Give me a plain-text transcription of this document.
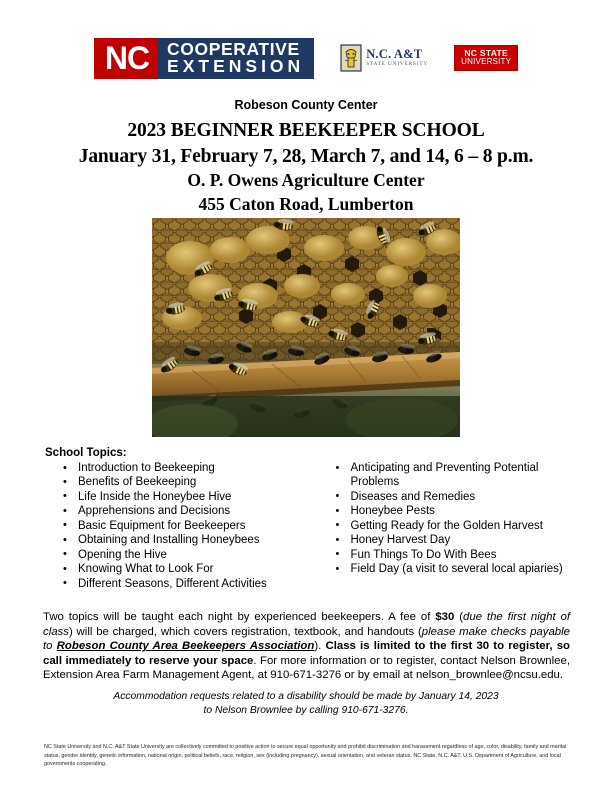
NC	COOPERATIVE
EXTENSION
N.C. A&T
STATE UNIVERSITY
NC STATE
UNIVERSITY
Robeson County Center
2023 BEGINNER BEEKEEPER SCHOOL
January 31, February 7, 28, March 7, and 14, 6 – 8 p.m.
O. P. Owens Agriculture Center
455 Caton Road, Lumberton
School Topics:
• Introduction to Beekeeping
• Benefits of Beekeeping
• Life Inside the Honeybee Hive
• Apprehensions and Decisions
• Basic Equipment for Beekeepers
• Obtaining and Installing Honeybees
• Opening the Hive
• Knowing What to Look For
• Different Seasons, Different Activities
• Anticipating and Preventing Potential Problems
• Diseases and Remedies
• Honeybee Pests
• Getting Ready for the Golden Harvest
• Honey Harvest Day
• Fun Things To Do With Bees
• Field Day (a visit to several local apiaries)

Two topics will be taught each night by experienced beekeepers. A fee of $30 (due the first night of class) will be charged, which covers registration, textbook, and handouts (please make checks payable to Robeson County Area Beekeepers Association). Class is limited to the first 30 to register, so call immediately to reserve your space. For more information or to register, contact Nelson Brownlee, Extension Area Farm Management Agent, at 910-671-3276 or by email at nelson_brownlee@ncsu.edu.

Accommodation requests related to a disability should be made by January 14, 2023
to Nelson Brownlee by calling 910-671-3276.
NC State University and N.C. A&T State University are collectively committed to positive action to secure equal opportunity and prohibit discrimination and harassment regardless of age, color, disability, family and marital status, gender identity, genetic information, national origin, political beliefs, race, religion, sex (including pregnancy), sexual orientation, and veteran status. NC State, N.C. A&T, U.S. Department of Agriculture, and local governments cooperating.
